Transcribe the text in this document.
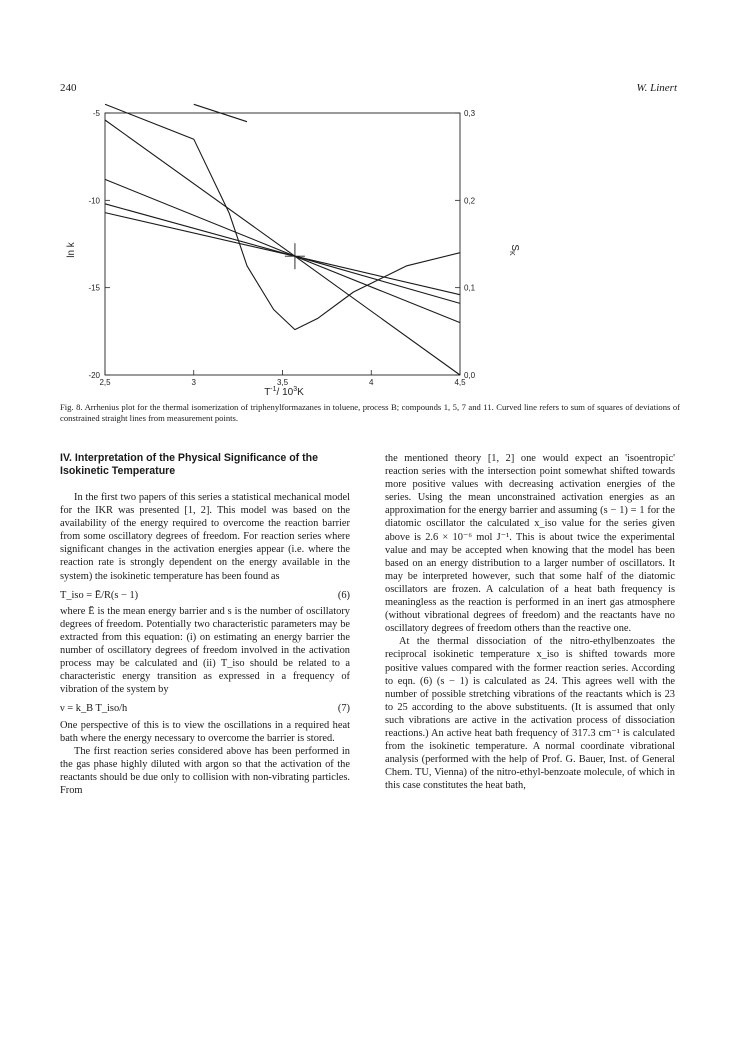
240	W. Linert
-5
-10
-15
-20
0,3
0,2
0,1
0,0
2,5	3	3,5	4	4,5
ln k	$S_K$
$T^{-1}/$ $10^3K$
Fig. 8. Arrhenius plot for the thermal isomerization of triphenylformazanes in toluene, process B; compounds 1, 5, 7 and 11. Curved line refers to sum of squares of deviations of constrained straight lines from measurement points.
IV. Interpretation of the Physical Significance of the Isokinetic Temperature

In the first two papers of this series a statistical mechanical model for the IKR was presented [1, 2]. This model was based on the availability of the energy required to overcome the reaction barrier from some oscillatory degrees of freedom. For reaction series where significant changes in the activation energies appear (i.e. where the reaction rate is strongly dependent on the energy available in the system) the isokinetic temperature has been found as

T_iso = Ē/R(s − 1)	(6)

where Ē is the mean energy barrier and s is the number of oscillatory degrees of freedom. Potentially two characteristic parameters may be extracted from this equation: (i) on estimating an energy barrier the number of oscillatory degrees of freedom involved in the activation process may be calculated and (ii) T_iso should be related to a characteristic energy transition as expressed in a frequency of vibration of the system by

ν = k_B T_iso/h	(7)

One perspective of this is to view the oscillations in a required heat bath where the energy necessary to overcome the barrier is stored.

The first reaction series considered above has been performed in the gas phase highly diluted with argon so that the activation of the reactants should be due only to collision with non-vibrating particles. From

the mentioned theory [1, 2] one would expect an 'isoentropic' reaction series with the intersection point somewhat shifted towards more positive values with decreasing activation energies of the series. Using the mean unconstrained activation energies as an approximation for the energy barrier and assuming (s − 1) = 1 for the diatomic oscillator the calculated x_iso value for the series given above is 2.6 × 10⁻⁶ mol J⁻¹. This is about twice the experimental value and may be accepted when knowing that the model has been based on an energy distribution to a larger number of oscillators. It may be interpreted however, such that some half of the diatomic oscillators are frozen. A calculation of a heat bath frequency is meaningless as the reaction is performed in an inert gas atmosphere (without vibrational degrees of freedom) and the reactants have no oscillatory degrees of freedom others than the reactive one.

At the thermal dissociation of the nitro-ethylbenzoates the reciprocal isokinetic temperature x_iso is shifted towards more positive values compared with the former reaction series. According to eqn. (6) (s − 1) is calculated as 24. This agrees well with the number of possible stretching vibrations of the reactants which is 23 to 25 according to the above substituents. (It is assumed that only such vibrations are active in the activation process of dissociation reactions.) An active heat bath frequency of 317.3 cm⁻¹ is calculated from the isokinetic temperature. A normal coordinate vibrational analysis (performed with the help of Prof. G. Bauer, Inst. of General Chem. TU, Vienna) of the nitro-ethyl-benzoate molecule, of which in this case constitutes the heat bath,
